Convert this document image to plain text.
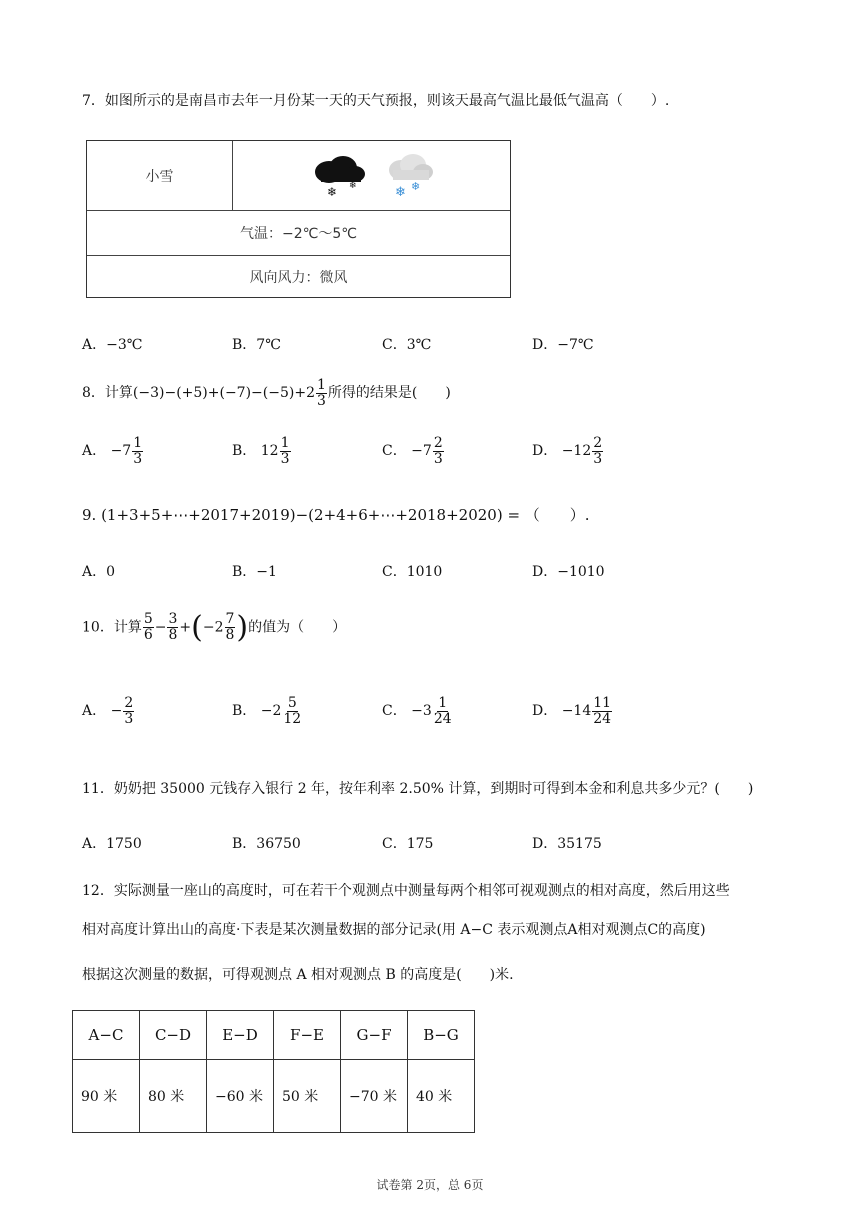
7．如图所示的是南昌市去年一月份某一天的天气预报，则该天最高气温比最低气温高（　　）.
小雪
❄ ❄	❄ ❄
气温：−2℃～5℃
风向风力：微风
A．−3℃	B．7℃	C．3℃	D．−7℃
8．计算$(-3)-(+5)+(-7)-(-5)+2 \frac{1}{3}$ 所得的结果是(　　)
A． $-7 \frac{1}{3}$	B． $12 \frac{1}{3}$	C． $-7 \frac{2}{3}$	D． $-12 \frac{2}{3}$
9. (1+3+5+⋯+2017+2019)−(2+4+6+⋯+2018+2020) = （　　）.
A．0	B．−1	C．1010	D．−1010
10．计算 $\frac{5}{6} - \frac{3}{8} +(-2 \frac{7}{8}$ )的值为（　　）
A． − $\frac{2}{3}$	B． $-2 \frac{5}{12}$	C． $-3 \frac{1}{24}$	D． $-14 \frac{11}{24}$
11．奶奶把 35000 元钱存入银行 2 年，按年利率 2.50% 计算，到期时可得到本金和利息共多少元？(　　)
A．1750	B．36750	C．175	D．35175
12．实际测量一座山的高度时，可在若干个观测点中测量每两个相邻可视观测点的相对高度，然后用这些
相对高度计算出山的高度·下表是某次测量数据的部分记录(用 A−C 表示观测点A相对观测点C的高度)
根据这次测量的数据，可得观测点 A 相对观测点 B 的高度是(　　)米.
A−C	C−D	E−D	F−E	G−F	B−G
90 米	80 米	−60 米	50 米	−70 米	40 米
试卷第 2页，总 6页
